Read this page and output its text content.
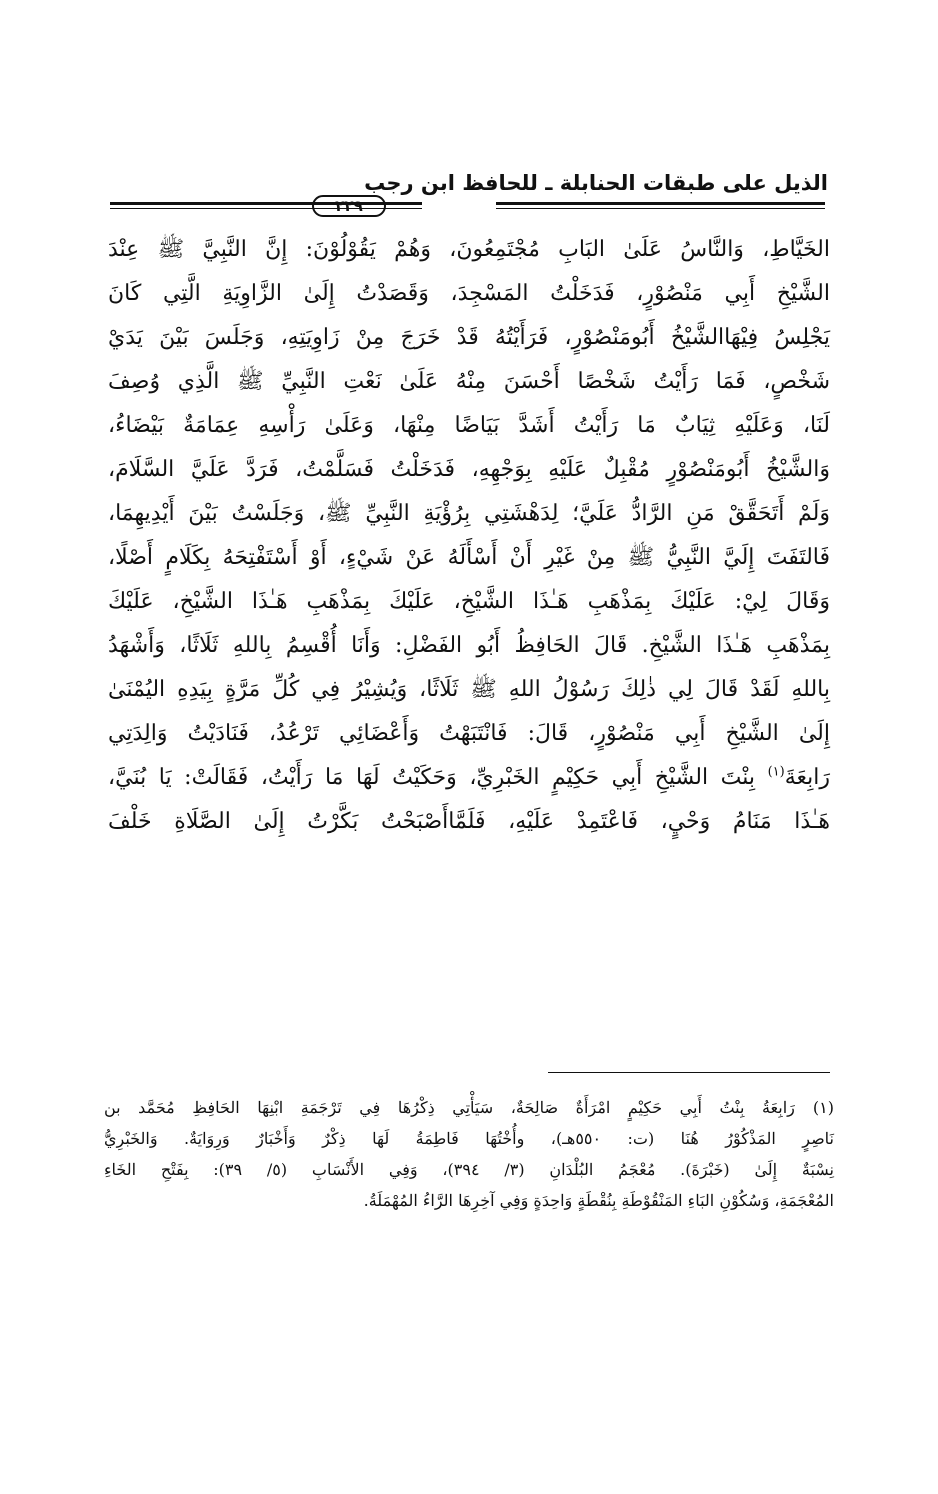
الذيل على طبقات الحنابلة ـ للحافظ ابن رجب
٢٢٩
الخَيَّاطِ، وَالنَّاسُ عَلَىٰ البَابِ مُجْتَمِعُونَ، وَهُمْ يَقُوْلُوْنَ: إِنَّ النَّبِيَّ ﷺ عِنْدَ
الشَّيْخِ أَبِي مَنْصُوْرٍ، فَدَخَلْتُ المَسْجِدَ، وَقَصَدْتُ إِلَىٰ الزَّاوِيَةِ الَّتِي كَانَ
يَجْلِسُ فِيْهَاالشَّيْخُ أَبُومَنْصُوْرٍ، فَرَأَيْتُهُ قَدْ خَرَجَ مِنْ زَاوِيَتِهِ، وَجَلَسَ بَيْنَ يَدَيْ
شَخْصٍ، فَمَا رَأَيْتُ شَخْصًا أَحْسَنَ مِنْهُ عَلَىٰ نَعْتِ النَّبِيِّ ﷺ الَّذِي وُصِفَ
لَنَا، وَعَلَيْهِ ثِيَابٌ مَا رَأَيْتُ أَشَدَّ بَيَاضًا مِنْهَا، وَعَلَىٰ رَأْسِهِ عِمَامَةٌ بَيْضَاءُ،
وَالشَّيْخُ أَبُومَنْصُوْرٍ مُقْبِلٌ عَلَيْهِ بِوَجْهِهِ، فَدَخَلْتُ فَسَلَّمْتُ، فَرَدَّ عَلَيَّ السَّلَامَ،
وَلَمْ أَتَحَقَّقْ مَنِ الرَّادُّ عَلَيَّ؛ لِدَهْشَتِي بِرُؤْيَةِ النَّبِيِّ ﷺ، وَجَلَسْتُ بَيْنَ أَيْدِيهِمَا،
فَالتَفَتَ إِلَيَّ النَّبِيُّ ﷺ مِنْ غَيْرِ أَنْ أَسْأَلَهُ عَنْ شَيْءٍ، أَوْ أَسْتَفْتِحَهُ بِكَلَامٍ أَصْلًا،
وَقَالَ لِيْ: عَلَيْكَ بِمَذْهَبِ هَـٰذَا الشَّيْخِ، عَلَيْكَ بِمَذْهَبِ هَـٰذَا الشَّيْخِ، عَلَيْكَ
بِمَذْهَبِ هَـٰذَا الشَّيْخِ. قَالَ الحَافِظُ أَبُو الفَضْلِ: وَأَنَا أُقْسِمُ بِاللهِ ثَلَاثًا، وَأَشْهَدُ
بِاللهِ لَقَدْ قَالَ لِي ذٰلِكَ رَسُوْلُ اللهِ ﷺ ثَلَاثًا، وَيُشِيْرُ فِي كُلِّ مَرَّةٍ بِيَدِهِ اليُمْنَىٰ
إِلَىٰ الشَّيْخِ أَبِي مَنْصُوْرٍ، قَالَ: فَانْتَبَهْتُ وَأَعْضَائِي تَرْعُدُ، فَنَادَيْتُ وَالِدَتِي
رَابِعَةَ$^{(١)}$ بِنْتَ الشَّيْخِ أَبِي حَكِيْمٍ الخَبْرِيِّ، وَحَكَيْتُ لَهَا مَا رَأَيْتُ، فَقَالَتْ: يَا بُنَيَّ،
هَـٰذَا مَنَامُ وَحْيٍ، فَاعْتَمِدْ عَلَيْهِ، فَلَمَّاأَصْبَحْتُ بَكَّرْتُ إِلَىٰ الصَّلَاةِ خَلْفَ
(١)رَابِعَةُ بِنْتُ أَبِي حَكِيْمٍ امْرَأَةٌ صَالِحَةٌ، سَيَأْتِي ذِكْرُهَا فِي تَرْجَمَةِ ابْنِهَا الحَافِظِ مُحَمَّد بن
نَاصِرٍ المَذْكُوْرُ هُنَا (ت: ٥٥٠هـ)، وأُخْتُهَا فَاطِمَةُ لَهَا ذِكْرٌ وَأَخْبَارٌ وَرِوَايَةٌ. وَالخَبْرِيُّ
نِسْبَةٌ إِلَىٰ (خَبْرَةَ). مُعْجَمُ البُلْدَانِ (٣/ ٣٩٤)، وَفِي الأَنْسَابِ (٥/ ٣٩): بِفَتْحِ الخَاءِ
المُعْجَمَةِ، وَسُكُوْنِ البَاءِ المَنْقُوْطَةِ بِنُقْطَةٍ وَاحِدَةٍ وَفِي آخِرِهَا الرَّاءُ المُهْمَلَةُ.
